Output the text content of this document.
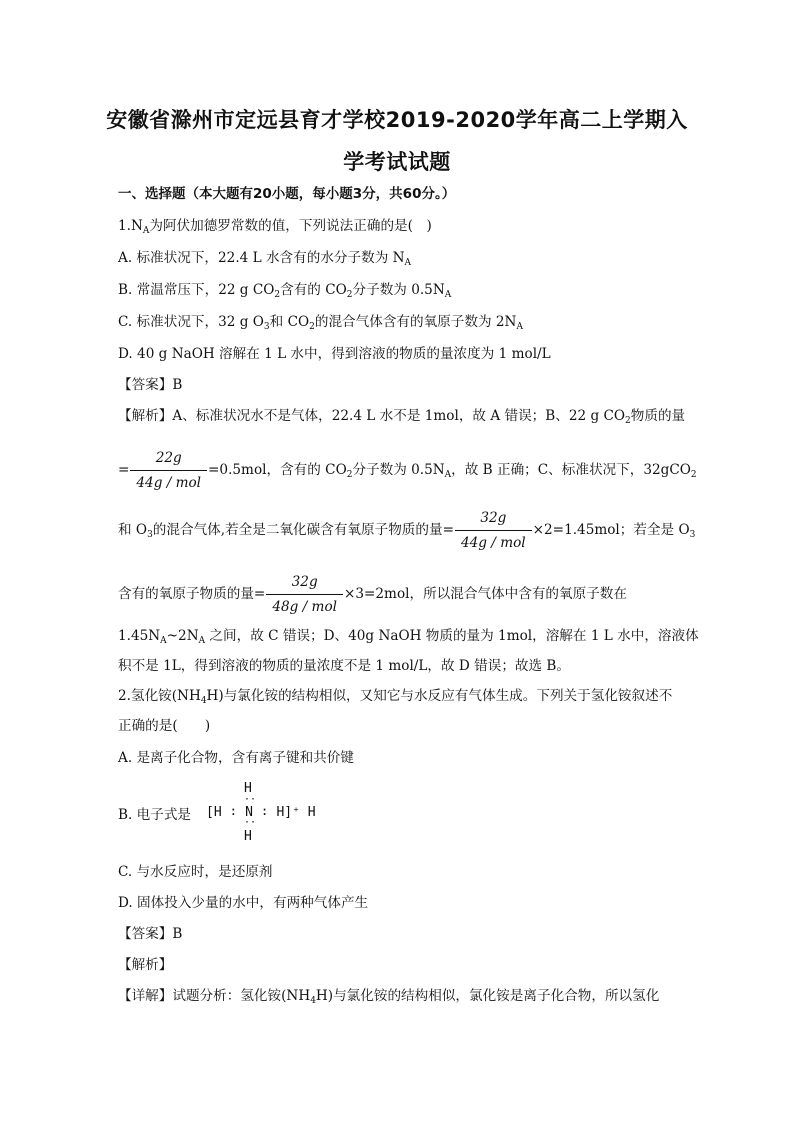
安徽省滁州市定远县育才学校2019-2020学年高二上学期入
学考试试题
一、选择题（本大题有20小题，每小题3分，共60分。）
$1.N_A$为阿伏加德罗常数的值，下列说法正确的是(　)
A. 标准状况下，22.4 L 水含有的水分子数为 $N_A$
B. 常温常压下，22 g $CO_2$含有的 $CO_2$分子数为 $0.5N_A$
C. 标准状况下，32 g $O_3$和 $CO_2$的混合气体含有的氧原子数为 $2N_A$
D. 40 g NaOH 溶解在 1 L 水中，得到溶液的物质的量浓度为 1 mol/L
【答案】B
【解析】A、标准状况水不是气体，22.4 L 水不是 1mol，故 A 错误；B、22 g $CO_2$物质的量
= $\frac{22g}{\text{44g / mol}} =0.5mol$，含有的 $CO_2$分子数为 $0.5N_A$，故 B 正确；C、标准状况下，32gCO$_2$
和 $O_3$的混合气体,若全是二氧化碳含有氧原子物质的量= $\frac{32g}{\text{44g / mol}} \times 2=1.45mol$；若全是 $O_3$
含有的氧原子物质的量= $\frac{32g}{\text{48g / mol}} \times 3=2mol$，所以混合气体中含有的氧原子数在
$1.45N_A\sim 2N_A$ 之间，故 C 错误；D、40g NaOH 物质的量为 1mol，溶解在 1 L 水中，溶液体
积不是 1L，得到溶液的物质的量浓度不是 1 mol/L，故 D 错误；故选 B。
2.氢化铵$(NH_4H)$与氯化铵的结构相似，又知它与水反应有气体生成。下列关于氢化铵叙述不
正确的是(　　)
A. 是离子化合物，含有离子键和共价键
B. 电子式是
H
··
[H ∶ N ∶ H]⁺ H
··
H
C. 与水反应时，是还原剂
D. 固体投入少量的水中，有两种气体产生
【答案】B
【解析】
【详解】试题分析：氢化铵$(NH_4H)$与氯化铵的结构相似，氯化铵是离子化合物，所以氢化
